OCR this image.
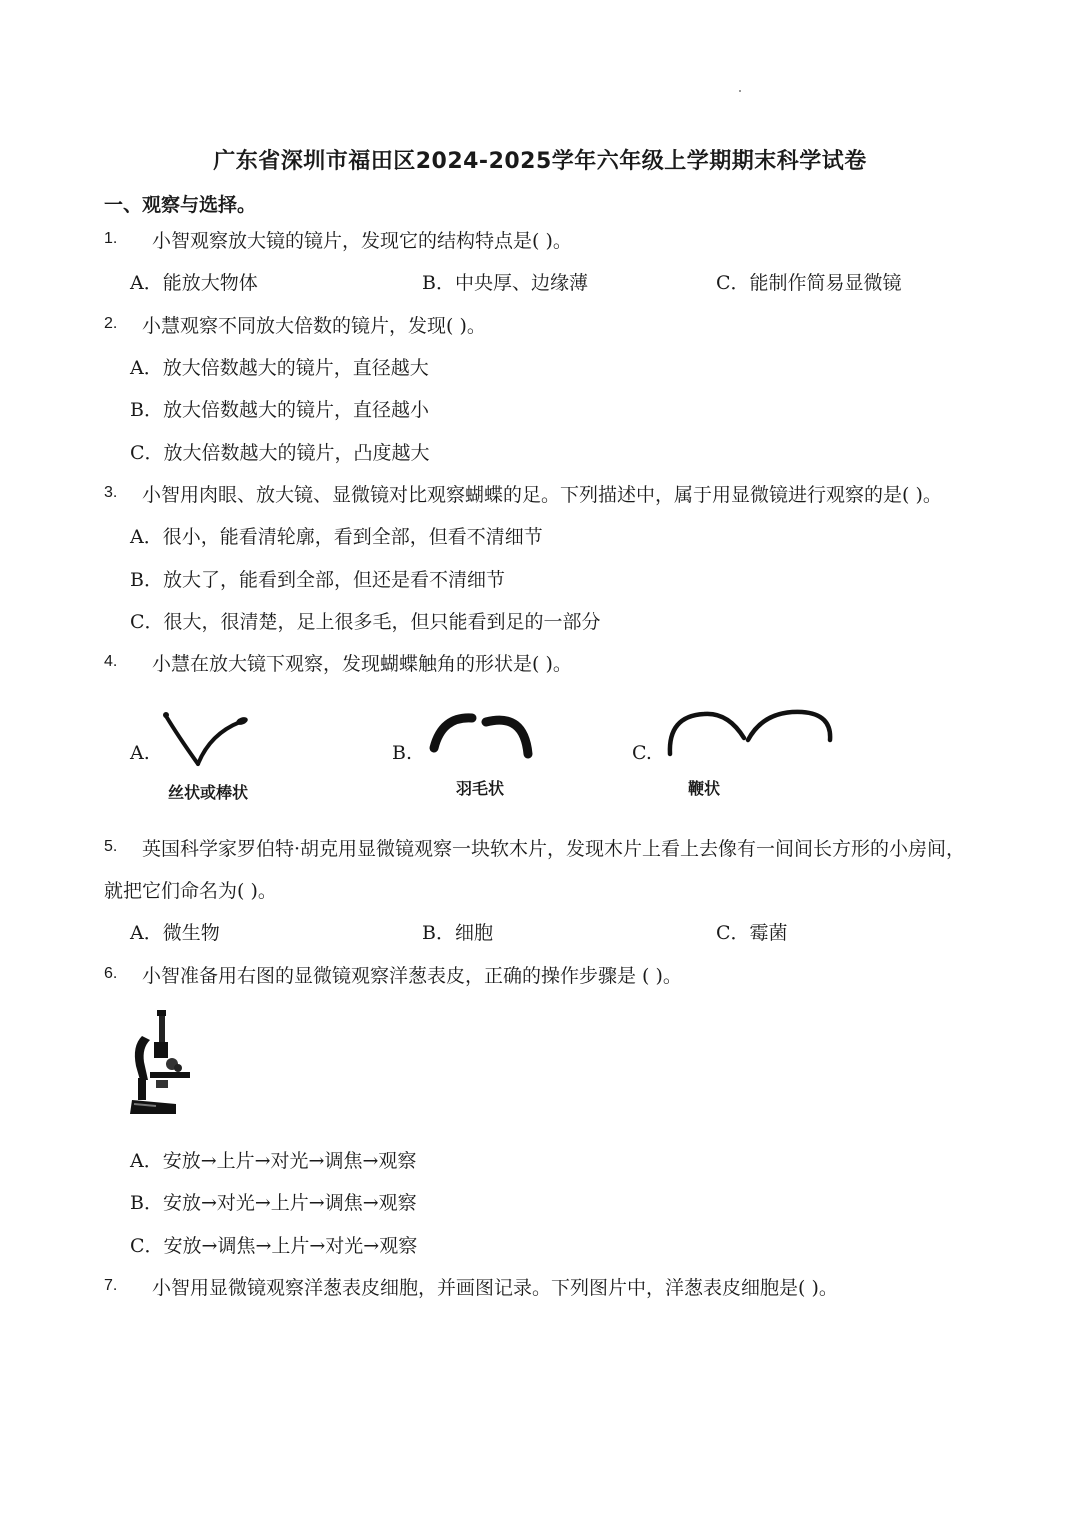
广东省深圳市福田区2024-2025学年六年级上学期期末科学试卷
一、观察与选择。
1. 小智观察放大镜的镜片，发现它的结构特点是( )。
A．能放大物体	B．中央厚、边缘薄	C．能制作简易显微镜
2. 小慧观察不同放大倍数的镜片，发现( )。
A．放大倍数越大的镜片，直径越大
B．放大倍数越大的镜片，直径越小
C．放大倍数越大的镜片，凸度越大
3. 小智用肉眼、放大镜、显微镜对比观察蝴蝶的足。下列描述中，属于用显微镜进行观察的是( )。
A．很小，能看清轮廓，看到全部，但看不清细节
B．放大了，能看到全部，但还是看不清细节
C．很大，很清楚，足上很多毛，但只能看到足的一部分
4. 小慧在放大镜下观察，发现蝴蝶触角的形状是( )。
A.
丝状或棒状
B.
羽毛状
C.
鞭状
5. 英国科学家罗伯特·胡克用显微镜观察一块软木片，发现木片上看上去像有一间间长方形的小房间，
就把它们命名为( )。
A．微生物	B．细胞	C．霉菌
6. 小智准备用右图的显微镜观察洋葱表皮，正确的操作步骤是 ( )。
A．安放→上片→对光→调焦→观察
B．安放→对光→上片→调焦→观察
C．安放→调焦→上片→对光→观察
7. 小智用显微镜观察洋葱表皮细胞，并画图记录。下列图片中，洋葱表皮细胞是( )。
